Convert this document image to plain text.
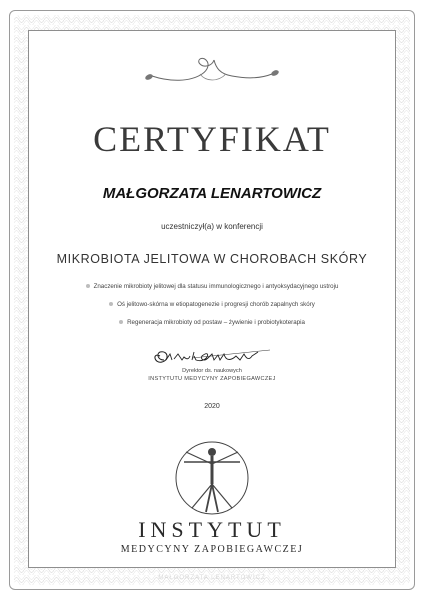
CERTYFIKAT
MAŁGORZATA LENARTOWICZ
uczestniczył(a) w konferencji
MIKROBIOTA JELITOWA W CHOROBACH SKÓRY
Znaczenie mikrobioty jelitowej dla statusu immunologicznego i antyoksydacyjnego ustroju
Oś jelitowo-skórna w etiopatogenezie i progresji chorób zapalnych skóry
Regeneracja mikrobioty od postaw – żywienie i probiotykoterapia
Dyrektor ds. naukowych
INSTYTUTU MEDYCYNY ZAPOBIEGAWCZEJ
2020
INSTYTUT
MEDYCYNY ZAPOBIEGAWCZEJ
MAŁGORZATA LENARTOWICZ
